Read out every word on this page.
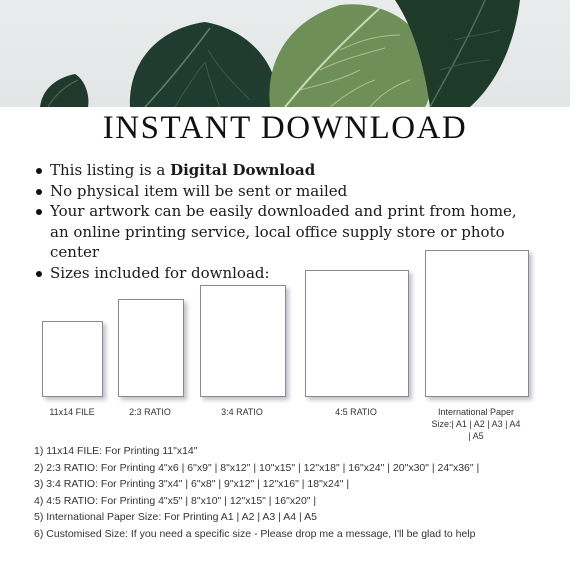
INSTANT DOWNLOAD
This listing is a Digital Download
No physical item will be sent or mailed
Your artwork can be easily downloaded and print from home, an online printing service, local office supply store or photo center
Sizes included for download:
11x14 FILE	2:3 RATIO	3:4 RATIO	4:5 RATIO	International Paper Size:| A1 | A2 | A3 | A4 | A5
1) 11x14 FILE: For Printing 11"x14"
2) 2:3 RATIO: For Printing 4"x6 | 6"x9" | 8"x12" | 10"x15" | 12"x18" | 16"x24" | 20"x30" | 24"x36" |
3) 3:4 RATIO: For Printing 3"x4" | 6"x8" | 9"x12" | 12"x16" | 18"x24" |
4) 4:5 RATIO: For Printing 4"x5" | 8"x10" | 12"x15" | 16"x20" |
5) International Paper Size: For Printing A1 | A2 | A3 | A4 | A5
6) Customised Size: If you need a specific size - Please drop me a message, I'll be glad to help
